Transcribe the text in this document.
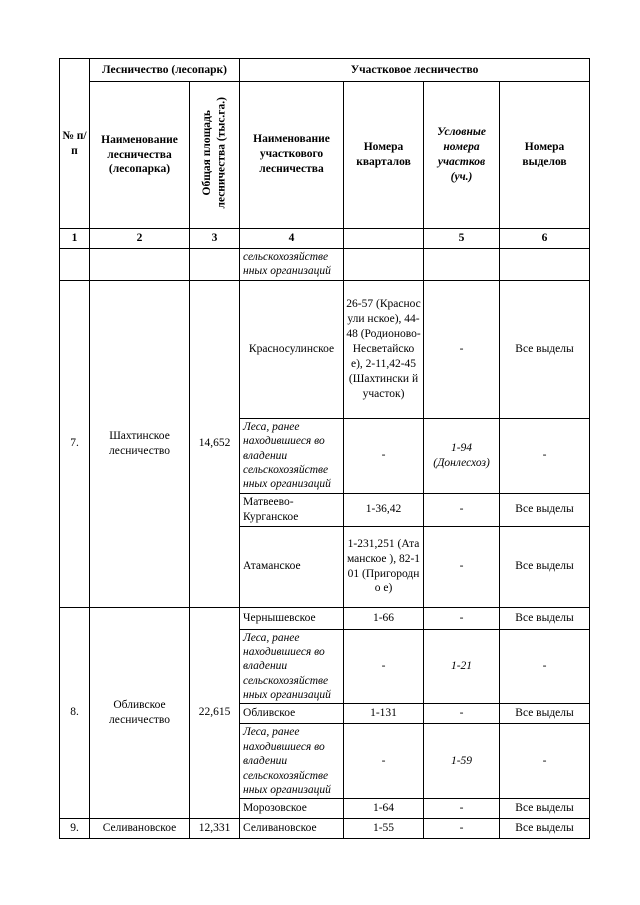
№ п/п	Лесничество (лесопарк)		Участковое лесничество			
	Наименование лесничества (лесопарка)	Общая площадь лесничества (тыс.га.)	Наименование участкового лесничества	Номера кварталов	Условные номера участков (уч.)	Номера выделов
1	2	3	4		5	6
			сельскохозяйстве нных организаций			
7.	Шахтинское лесничество	14,652	Красносулинское	26-57 (Красносули нское), 44-48 (Родионово-Несветайско е), 2-11,42-45 (Шахтински й участок)	-	Все выделы
			Леса, ранее находившиеся во владении сельскохозяйстве нных организаций	-	1-94 (Донлесхоз)	-
			Матвеево-Курганское	1-36,42	-	Все выделы
			Атаманское	1-231,251 (Атаманское ), 82-101 (Пригородно е)	-	Все выделы
8.	Обливское лесничество	22,615	Чернышевское	1-66	-	Все выделы
			Леса, ранее находившиеся во владении сельскохозяйстве нных организаций	-	1-21	-
			Обливское	1-131	-	Все выделы
			Леса, ранее находившиеся во владении сельскохозяйстве нных организаций	-	1-59	-
			Морозовское	1-64	-	Все выделы
9.	Селивановское	12,331	Селивановское	1-55	-	Все выделы
